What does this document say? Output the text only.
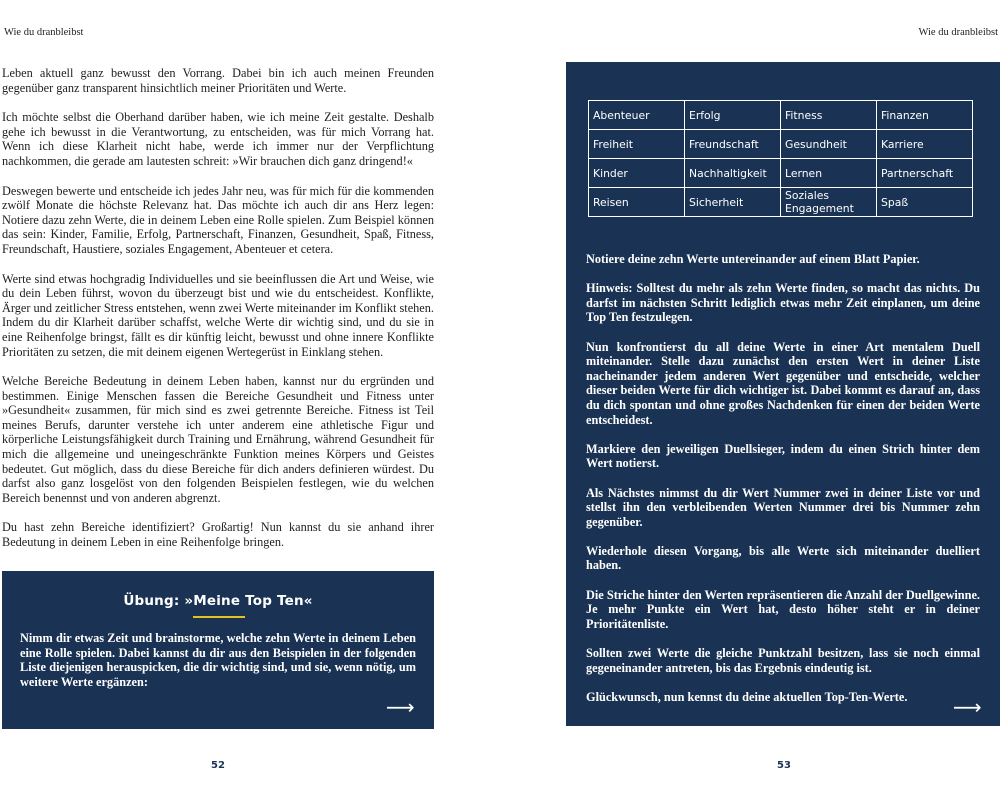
Wie du dranbleibst	Wie du dranbleibst

Leben aktuell ganz bewusst den Vorrang. Dabei bin ich auch meinen Freunden gegenüber ganz transparent hinsichtlich meiner Prioritäten und Werte.

Ich möchte selbst die Oberhand darüber haben, wie ich meine Zeit gestalte. Deshalb gehe ich bewusst in die Verantwortung, zu entscheiden, was für mich Vorrang hat. Wenn ich diese Klarheit nicht habe, werde ich immer nur der Verpflichtung nachkommen, die gerade am lautesten schreit: »Wir brauchen dich ganz dringend!«

Deswegen bewerte und entscheide ich jedes Jahr neu, was für mich für die kommenden zwölf Monate die höchste Relevanz hat. Das möchte ich auch dir ans Herz legen: Notiere dazu zehn Werte, die in deinem Leben eine Rolle spielen. Zum Beispiel können das sein: Kinder, Familie, Erfolg, Partnerschaft, Finanzen, Gesundheit, Spaß, Fitness, Freundschaft, Haustiere, soziales Engagement, Abenteuer et cetera.

Werte sind etwas hochgradig Individuelles und sie beeinflussen die Art und Weise, wie du dein Leben führst, wovon du überzeugt bist und wie du entscheidest. Konflikte, Ärger und zeitlicher Stress entstehen, wenn zwei Werte miteinander im Konflikt stehen. Indem du dir Klarheit darüber schaffst, welche Werte dir wichtig sind, und du sie in eine Reihenfolge bringst, fällt es dir künftig leicht, bewusst und ohne innere Konflikte Prioritäten zu setzen, die mit deinem eigenen Wertegerüst in Einklang stehen.

Welche Bereiche Bedeutung in deinem Leben haben, kannst nur du ergründen und bestimmen. Einige Menschen fassen die Bereiche Gesundheit und Fitness unter »Gesundheit« zusammen, für mich sind es zwei getrennte Bereiche. Fitness ist Teil meines Berufs, darunter verstehe ich unter anderem eine athletische Figur und körperliche Leistungsfähigkeit durch Training und Ernährung, während Gesundheit für mich die allgemeine und uneingeschränkte Funktion meines Körpers und Geistes bedeutet. Gut möglich, dass du diese Bereiche für dich anders definieren würdest. Du darfst also ganz losgelöst von den folgenden Beispielen festlegen, wie du welchen Bereich benennst und von anderen abgrenzt.

Du hast zehn Bereiche identifiziert? Großartig! Nun kannst du sie anhand ihrer Bedeutung in deinem Leben in eine Reihenfolge bringen.

Übung: »Meine Top Ten«
Nimm dir etwas Zeit und brainstorme, welche zehn Werte in deinem Leben eine Rolle spielen. Dabei kannst du dir aus den Beispielen in der folgenden Liste diejenigen herauspicken, die dir wichtig sind, und sie, wenn nötig, um weitere Werte ergänzen:
⟶
Abenteuer	Erfolg	Fitness	Finanzen
Freiheit	Freundschaft	Gesundheit	Karriere
Kinder	Nachhaltigkeit	Lernen	Partnerschaft
Reisen	Sicherheit	Soziales Engagement	Spaß

Notiere deine zehn Werte untereinander auf einem Blatt Papier.

Hinweis: Solltest du mehr als zehn Werte finden, so macht das nichts. Du darfst im nächsten Schritt lediglich etwas mehr Zeit einplanen, um deine Top Ten festzulegen.

Nun konfrontierst du all deine Werte in einer Art mentalem Duell miteinander. Stelle dazu zunächst den ersten Wert in deiner Liste nacheinander jedem anderen Wert gegenüber und entscheide, welcher dieser beiden Werte für dich wichtiger ist. Dabei kommt es darauf an, dass du dich spontan und ohne großes Nachdenken für einen der beiden Werte entscheidest.

Markiere den jeweiligen Duellsieger, indem du einen Strich hinter dem Wert notierst.

Als Nächstes nimmst du dir Wert Nummer zwei in deiner Liste vor und stellst ihn den verbleibenden Werten Nummer drei bis Nummer zehn gegenüber.

Wiederhole diesen Vorgang, bis alle Werte sich miteinander duelliert haben.

Die Striche hinter den Werten repräsentieren die Anzahl der Duellgewinne. Je mehr Punkte ein Wert hat, desto höher steht er in deiner Prioritätenliste.

Sollten zwei Werte die gleiche Punktzahl besitzen, lass sie noch einmal gegeneinander antreten, bis das Ergebnis eindeutig ist.

Glückwunsch, nun kennst du deine aktuellen Top-Ten-Werte.	⟶
52	53
